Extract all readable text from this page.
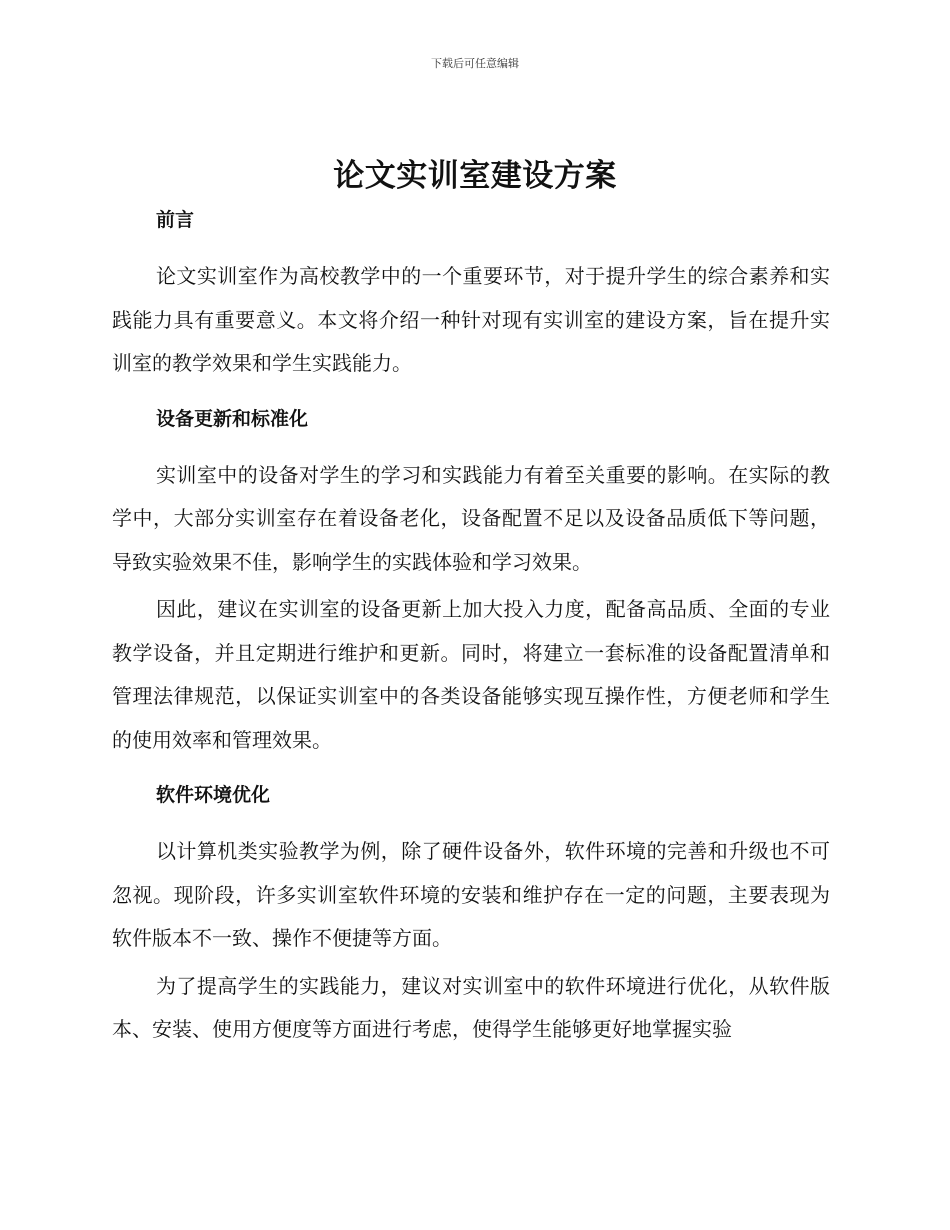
下载后可任意编辑
论文实训室建设方案
前言

论文实训室作为高校教学中的一个重要环节，对于提升学生的综合素养和实践能力具有重要意义。本文将介绍一种针对现有实训室的建设方案，旨在提升实训室的教学效果和学生实践能力。

设备更新和标准化

实训室中的设备对学生的学习和实践能力有着至关重要的影响。在实际的教学中，大部分实训室存在着设备老化，设备配置不足以及设备品质低下等问题，导致实验效果不佳，影响学生的实践体验和学习效果。

因此，建议在实训室的设备更新上加大投入力度，配备高品质、全面的专业教学设备，并且定期进行维护和更新。同时，将建立一套标准的设备配置清单和管理法律规范，以保证实训室中的各类设备能够实现互操作性，方便老师和学生的使用效率和管理效果。

软件环境优化

以计算机类实验教学为例，除了硬件设备外，软件环境的完善和升级也不可忽视。现阶段，许多实训室软件环境的安装和维护存在一定的问题，主要表现为软件版本不一致、操作不便捷等方面。

为了提高学生的实践能力，建议对实训室中的软件环境进行优化，从软件版本、安装、使用方便度等方面进行考虑，使得学生能够更好地掌握实验
